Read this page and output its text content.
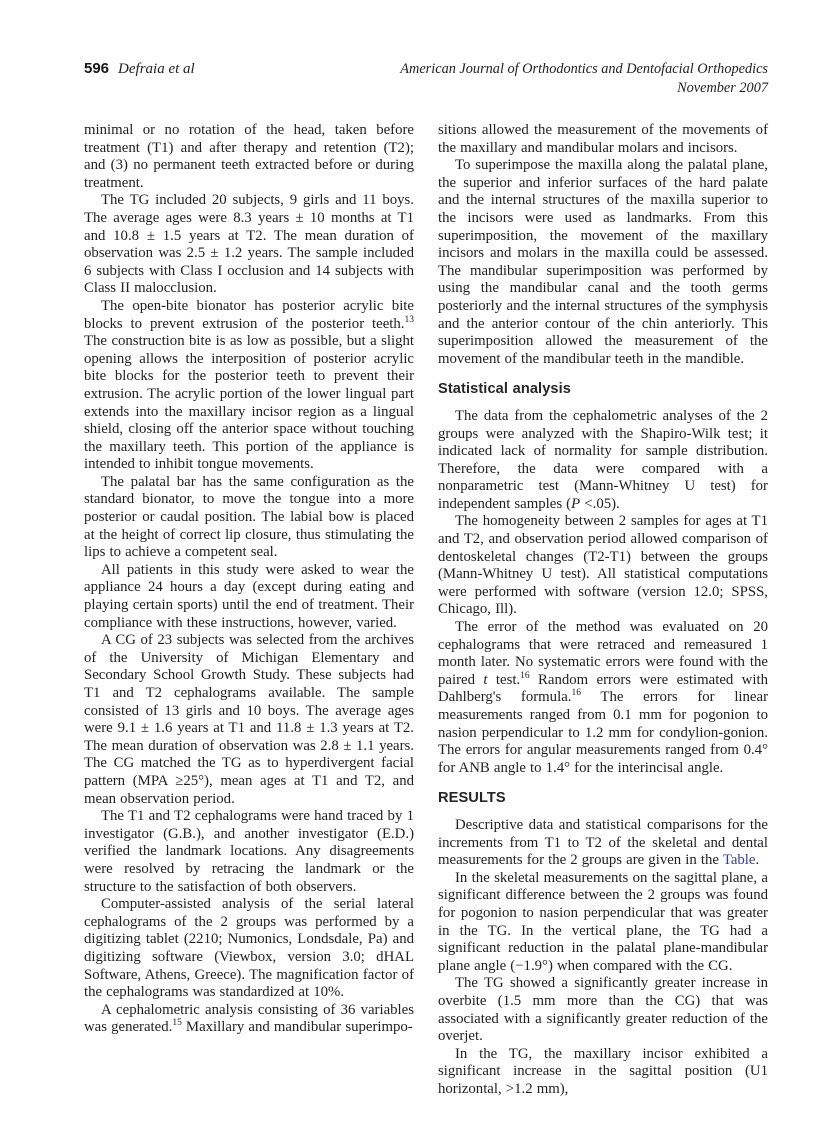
596 Defraia et al	American Journal of Orthodontics and Dentofacial Orthopedics
November 2007

minimal or no rotation of the head, taken before treatment (T1) and after therapy and retention (T2); and (3) no permanent teeth extracted before or during treatment.

The TG included 20 subjects, 9 girls and 11 boys. The average ages were 8.3 years ± 10 months at T1 and 10.8 ± 1.5 years at T2. The mean duration of observation was 2.5 ± 1.2 years. The sample included 6 subjects with Class I occlusion and 14 subjects with Class II malocclusion.

The open-bite bionator has posterior acrylic bite blocks to prevent extrusion of the posterior teeth.$^{13}$ The construction bite is as low as possible, but a slight opening allows the interposition of posterior acrylic bite blocks for the posterior teeth to prevent their extrusion. The acrylic portion of the lower lingual part extends into the maxillary incisor region as a lingual shield, closing off the anterior space without touching the maxillary teeth. This portion of the appliance is intended to inhibit tongue movements.

The palatal bar has the same configuration as the standard bionator, to move the tongue into a more posterior or caudal position. The labial bow is placed at the height of correct lip closure, thus stimulating the lips to achieve a competent seal.

All patients in this study were asked to wear the appliance 24 hours a day (except during eating and playing certain sports) until the end of treatment. Their compliance with these instructions, however, varied.

A CG of 23 subjects was selected from the archives of the University of Michigan Elementary and Secondary School Growth Study. These subjects had T1 and T2 cephalograms available. The sample consisted of 13 girls and 10 boys. The average ages were 9.1 ± 1.6 years at T1 and 11.8 ± 1.3 years at T2. The mean duration of observation was 2.8 ± 1.1 years. The CG matched the TG as to hyperdivergent facial pattern (MPA ≥25°), mean ages at T1 and T2, and mean observation period.

The T1 and T2 cephalograms were hand traced by 1 investigator (G.B.), and another investigator (E.D.) verified the landmark locations. Any disagreements were resolved by retracing the landmark or the structure to the satisfaction of both observers.

Computer-assisted analysis of the serial lateral cephalograms of the 2 groups was performed by a digitizing tablet (2210; Numonics, Londsdale, Pa) and digitizing software (Viewbox, version 3.0; dHAL Software, Athens, Greece). The magnification factor of the cephalograms was standardized at 10%.

A cephalometric analysis consisting of 36 variables was generated.$^{15}$ Maxillary and mandibular superimpo-

sitions allowed the measurement of the movements of the maxillary and mandibular molars and incisors.

To superimpose the maxilla along the palatal plane, the superior and inferior surfaces of the hard palate and the internal structures of the maxilla superior to the incisors were used as landmarks. From this superimposition, the movement of the maxillary incisors and molars in the maxilla could be assessed. The mandibular superimposition was performed by using the mandibular canal and the tooth germs posteriorly and the internal structures of the symphysis and the anterior contour of the chin anteriorly. This superimposition allowed the measurement of the movement of the mandibular teeth in the mandible.

Statistical analysis

The data from the cephalometric analyses of the 2 groups were analyzed with the Shapiro-Wilk test; it indicated lack of normality for sample distribution. Therefore, the data were compared with a nonparametric test (Mann-Whitney U test) for independent samples (P <.05).

The homogeneity between 2 samples for ages at T1 and T2, and observation period allowed comparison of dentoskeletal changes (T2-T1) between the groups (Mann-Whitney U test). All statistical computations were performed with software (version 12.0; SPSS, Chicago, Ill).

The error of the method was evaluated on 20 cephalograms that were retraced and remeasured 1 month later. No systematic errors were found with the paired t test.$^{16}$ Random errors were estimated with Dahlberg's formula.$^{16}$ The errors for linear measurements ranged from 0.1 mm for pogonion to nasion perpendicular to 1.2 mm for condylion-gonion. The errors for angular measurements ranged from 0.4° for ANB angle to 1.4° for the interincisal angle.

RESULTS

Descriptive data and statistical comparisons for the increments from T1 to T2 of the skeletal and dental measurements for the 2 groups are given in the Table.

In the skeletal measurements on the sagittal plane, a significant difference between the 2 groups was found for pogonion to nasion perpendicular that was greater in the TG. In the vertical plane, the TG had a significant reduction in the palatal plane-mandibular plane angle (−1.9°) when compared with the CG.

The TG showed a significantly greater increase in overbite (1.5 mm more than the CG) that was associated with a significantly greater reduction of the overjet.

In the TG, the maxillary incisor exhibited a significant increase in the sagittal position (U1 horizontal, >1.2 mm),
